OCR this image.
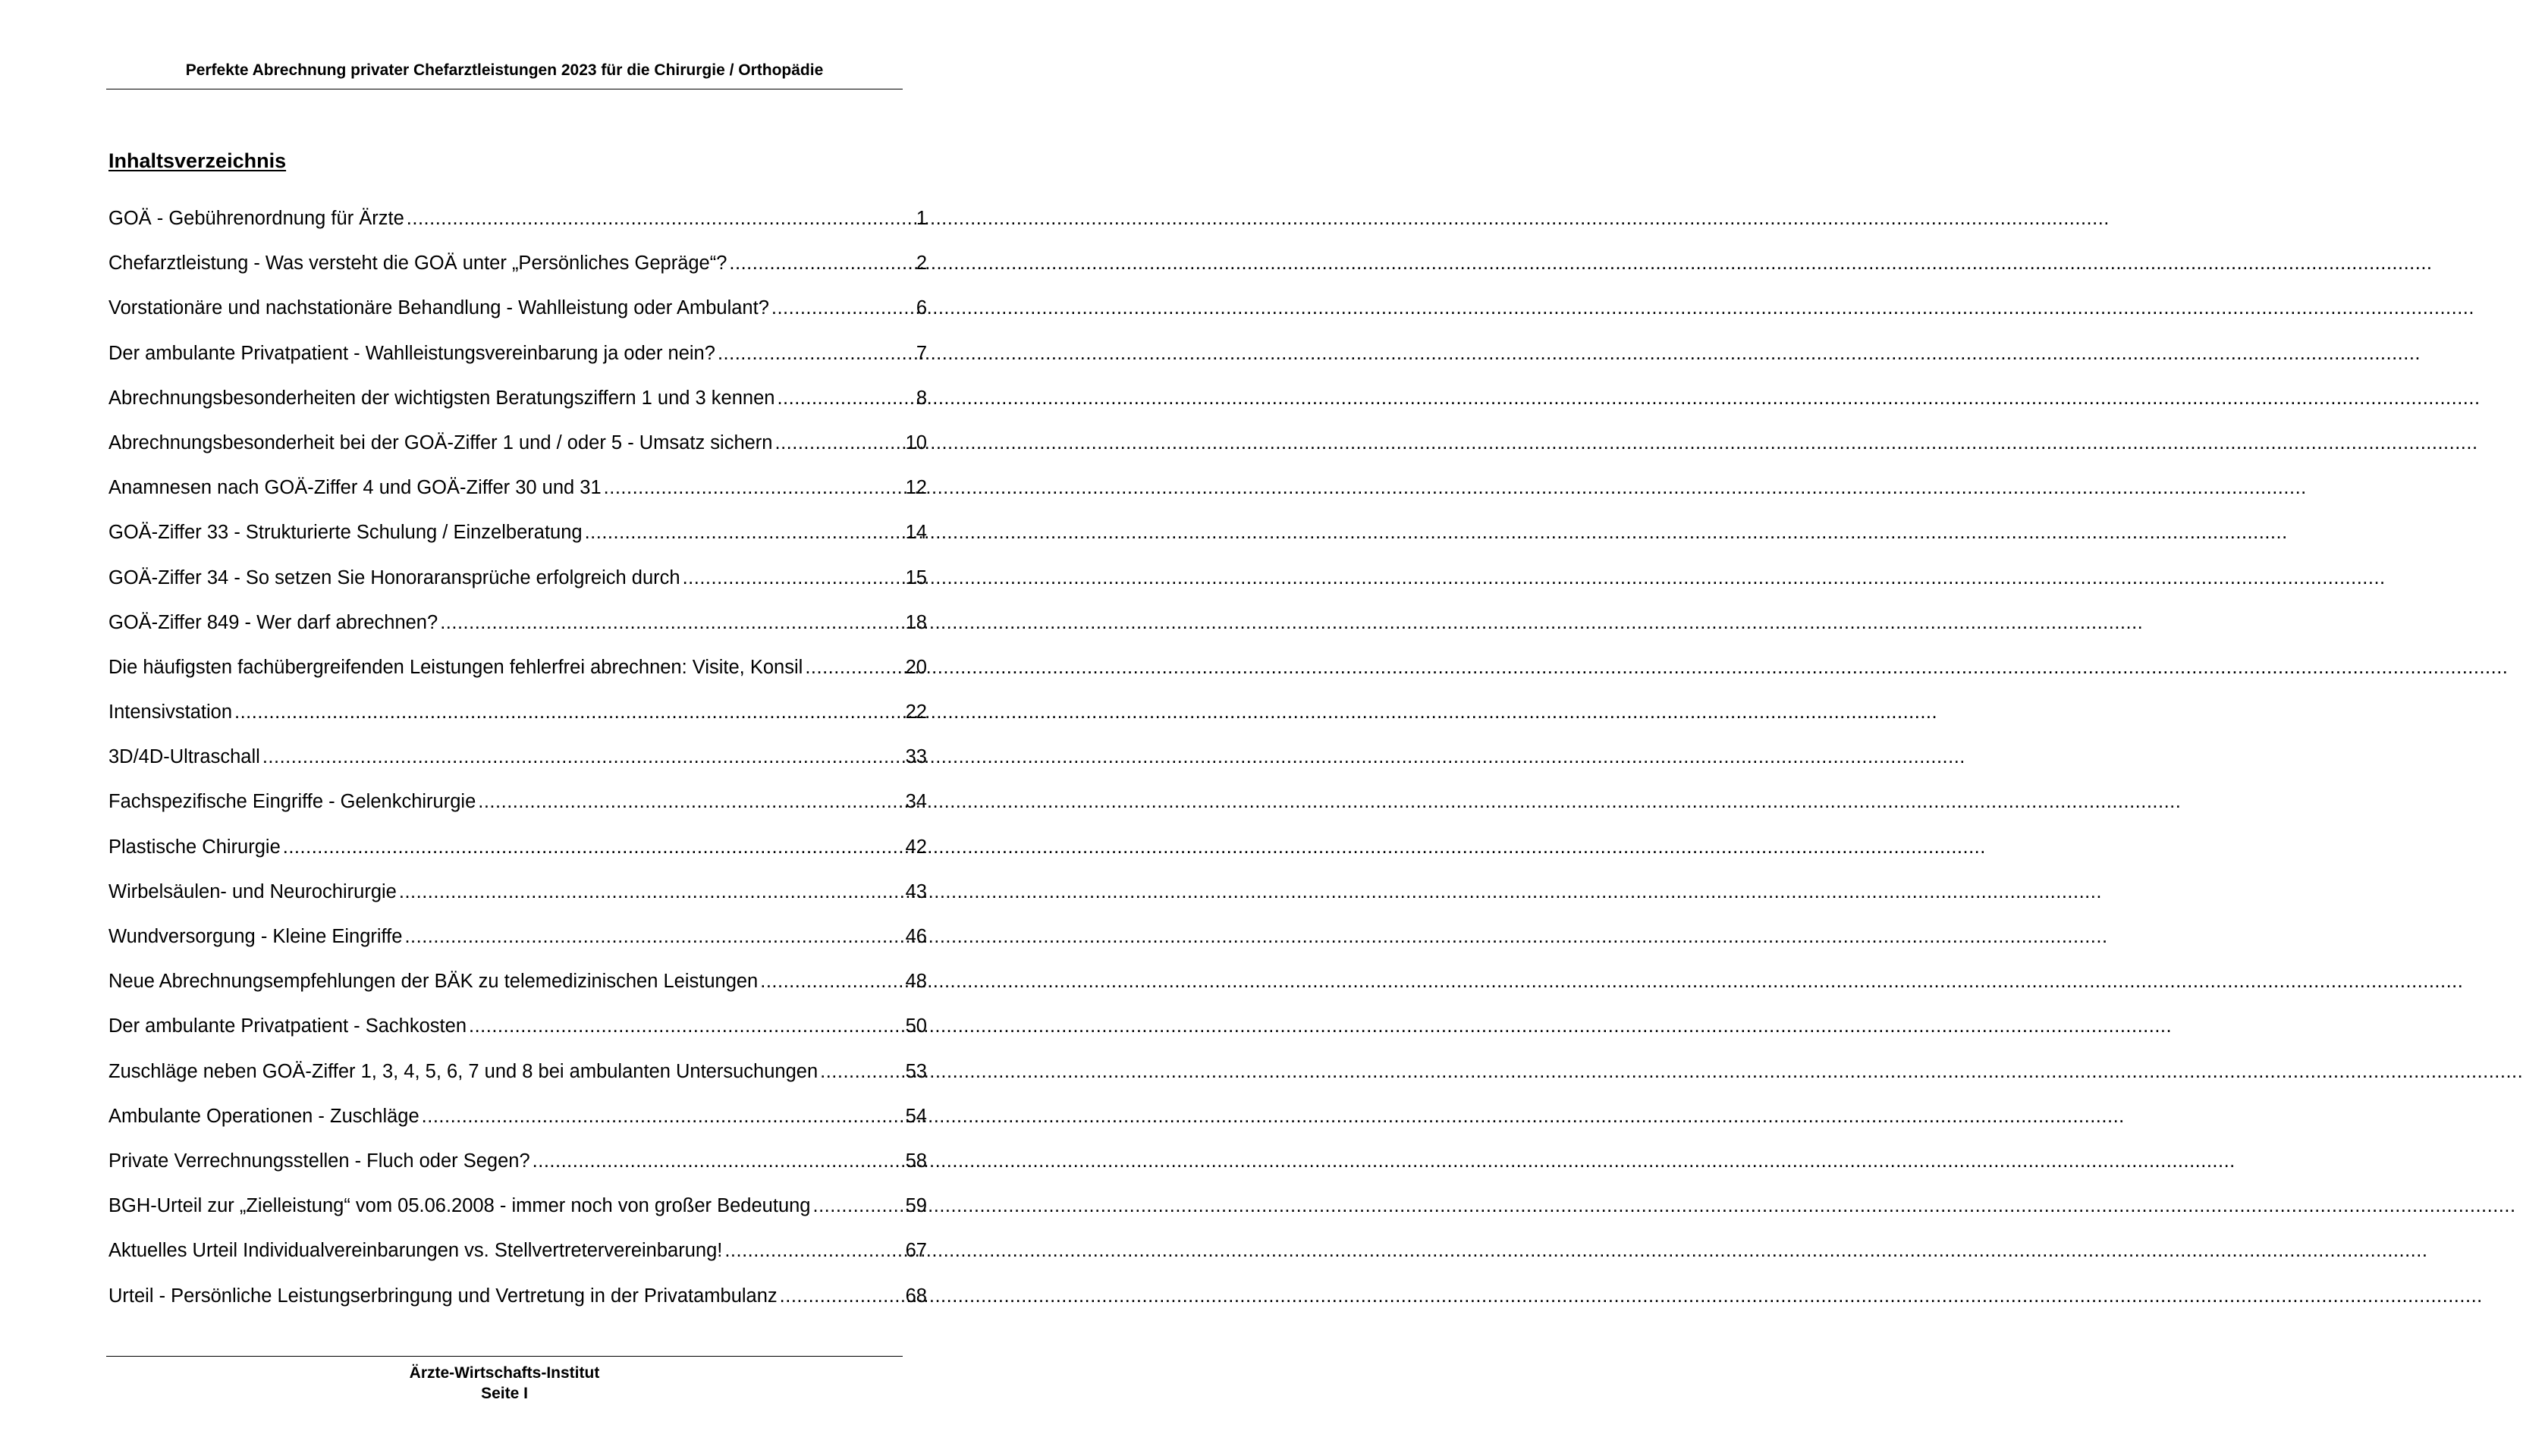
Perfekte Abrechnung privater Chefarztleistungen 2023 für die Chirurgie / Orthopädie
Inhaltsverzeichnis
GOÄ - Gebührenordnung für Ärzte .....	1
Chefarztleistung - Was versteht die GOÄ unter „Persönliches Gepräge“? .....	2
Vorstationäre und nachstationäre Behandlung - Wahlleistung oder Ambulant? .....	6
Der ambulante Privatpatient - Wahlleistungsvereinbarung ja oder nein? .....	7
Abrechnungsbesonderheiten der wichtigsten Beratungsziffern 1 und 3 kennen .....	8
Abrechnungsbesonderheit bei der GOÄ-Ziffer 1 und / oder 5 - Umsatz sichern .....	10
Anamnesen nach GOÄ-Ziffer 4 und GOÄ-Ziffer 30 und 31 .....	12
GOÄ-Ziffer 33 - Strukturierte Schulung / Einzelberatung .....	14
GOÄ-Ziffer 34 - So setzen Sie Honoraransprüche erfolgreich durch .....	15
GOÄ-Ziffer 849 - Wer darf abrechnen? .....	18
Die häufigsten fachübergreifenden Leistungen fehlerfrei abrechnen: Visite, Konsil .....	20
Intensivstation .....	22
3D/4D-Ultraschall .....	33
Fachspezifische Eingriffe - Gelenkchirurgie .....	34
Plastische Chirurgie .....	42
Wirbelsäulen- und Neurochirurgie .....	43
Wundversorgung - Kleine Eingriffe .....	46
Neue Abrechnungsempfehlungen der BÄK zu telemedizinischen Leistungen .....	48
Der ambulante Privatpatient - Sachkosten .....	50
Zuschläge neben GOÄ-Ziffer 1, 3, 4, 5, 6, 7 und 8 bei ambulanten Untersuchungen .....	53
Ambulante Operationen - Zuschläge .....	54
Private Verrechnungsstellen - Fluch oder Segen? .....	58
BGH-Urteil zur „Zielleistung“ vom 05.06.2008 - immer noch von großer Bedeutung .....	59
Aktuelles Urteil Individualvereinbarungen vs. Stellvertretervereinbarung! .....	67
Urteil - Persönliche Leistungserbringung und Vertretung in der Privatambulanz .....	68
Ärzte-Wirtschafts-Institut
Seite I
